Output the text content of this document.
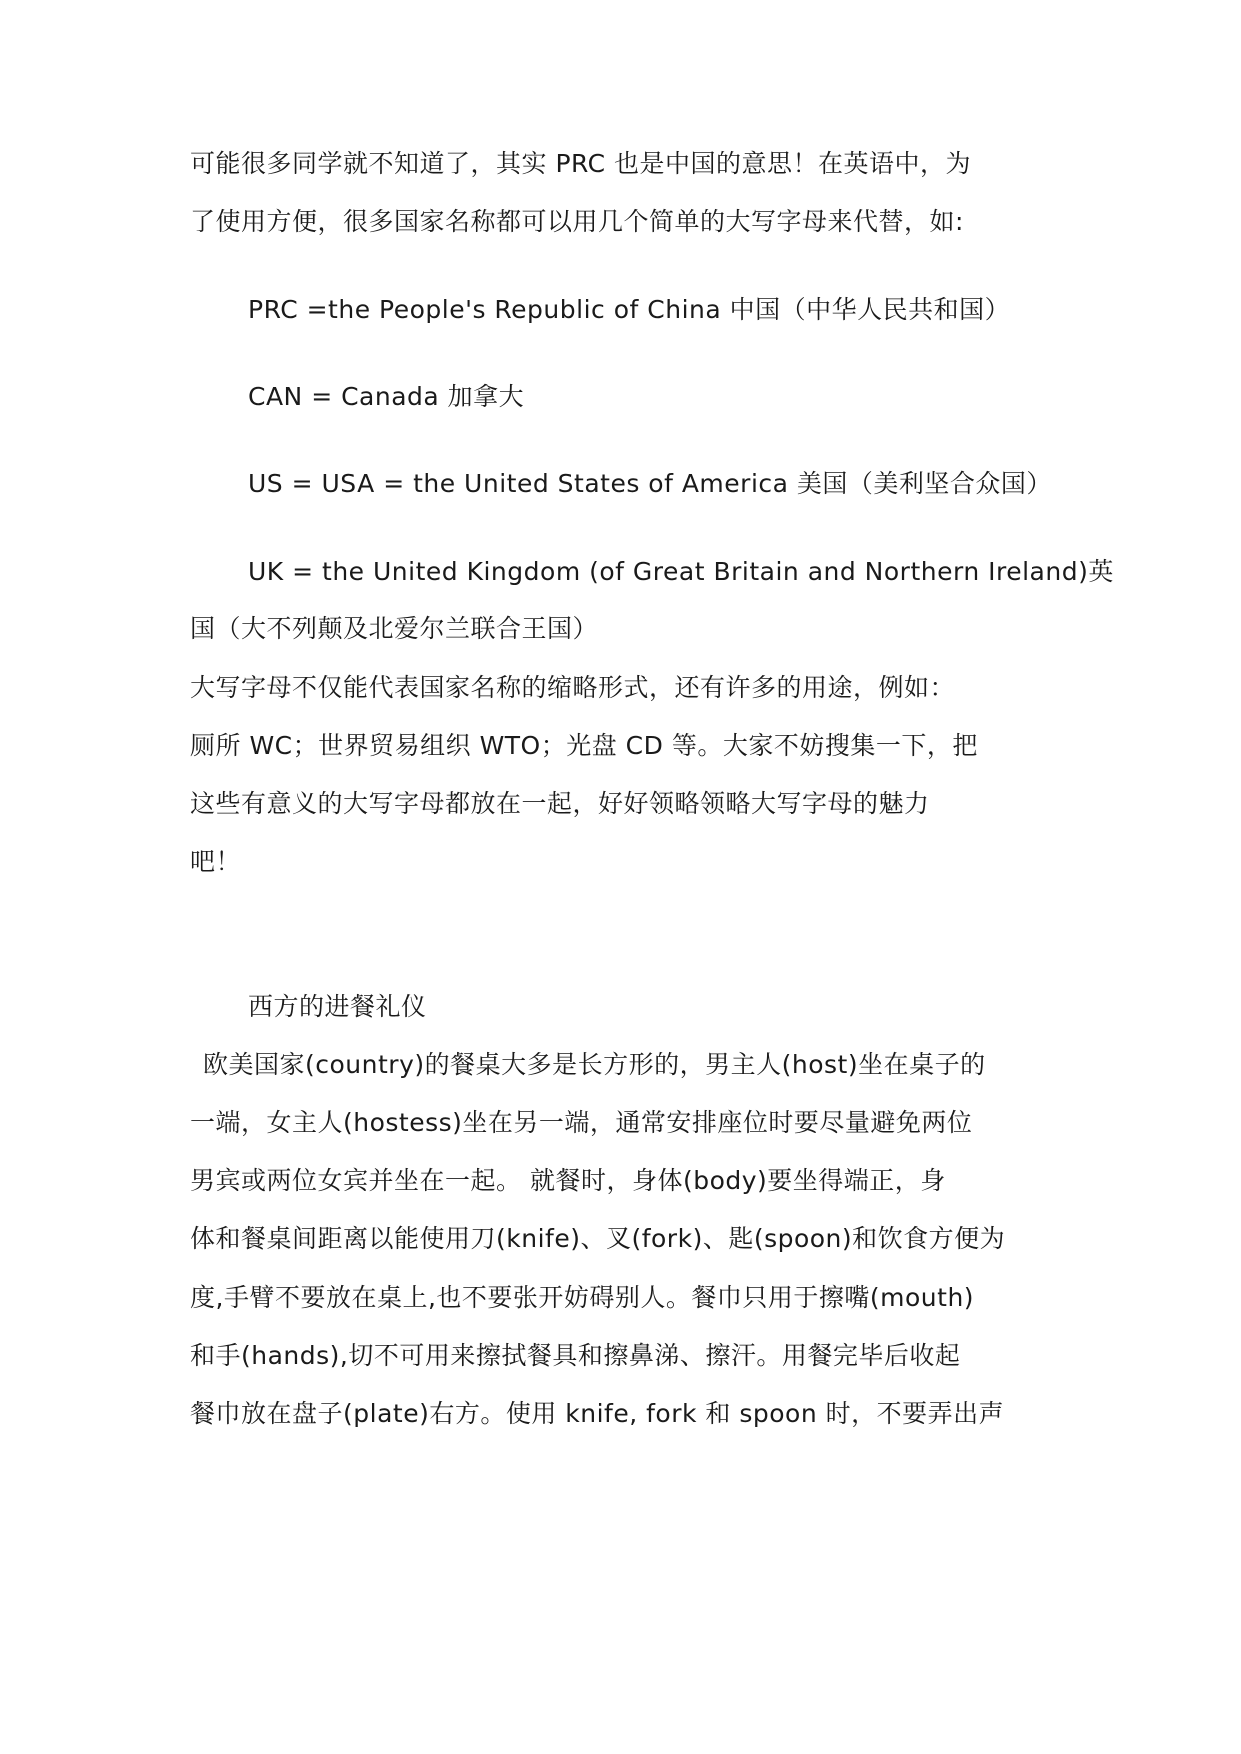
可能很多同学就不知道了，其实 PRC 也是中国的意思！在英语中，为
了使用方便，很多国家名称都可以用几个简单的大写字母来代替，如:
PRC =the People's Republic of China 中国（中华人民共和国）
CAN = Canada 加拿大
US = USA = the United States of America 美国（美利坚合众国）
UK = the United Kingdom (of Great Britain and Northern Ireland)英
国（大不列颠及北爱尔兰联合王国）
大写字母不仅能代表国家名称的缩略形式，还有许多的用途，例如：
厕所 WC；世界贸易组织 WTO；光盘 CD 等。大家不妨搜集一下，把
这些有意义的大写字母都放在一起，好好领略领略大写字母的魅力
吧！
西方的进餐礼仪
欧美国家(country)的餐桌大多是长方形的，男主人(host)坐在桌子的
一端，女主人(hostess)坐在另一端，通常安排座位时要尽量避免两位
男宾或两位女宾并坐在一起。 就餐时，身体(body)要坐得端正，身
体和餐桌间距离以能使用刀(knife)、叉(fork)、匙(spoon)和饮食方便为
度,手臂不要放在桌上,也不要张开妨碍别人。餐巾只用于擦嘴(mouth)
和手(hands),切不可用来擦拭餐具和擦鼻涕、擦汗。用餐完毕后收起
餐巾放在盘子(plate)右方。使用 knife, fork 和 spoon 时，不要弄出声
